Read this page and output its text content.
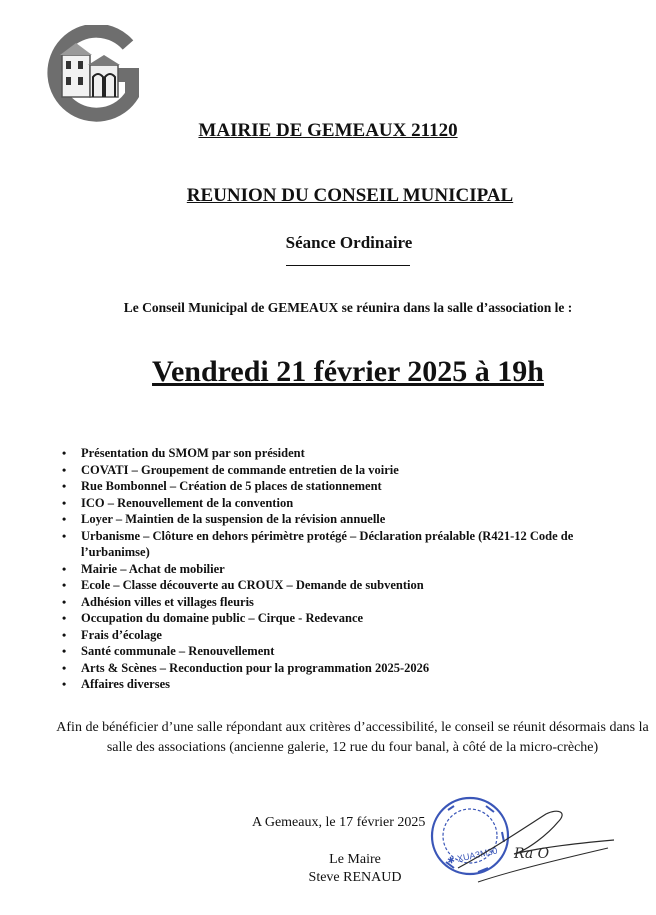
G
MAIRIE DE GEMEAUX 21120
REUNION DU CONSEIL MUNICIPAL
Séance Ordinaire
Le Conseil Municipal de GEMEAUX se réunira dans la salle d’association le :
Vendredi 21 février 2025 à 19h
• Présentation du SMOM par son président
• COVATI – Groupement de commande entretien de la voirie
• Rue Bombonnel – Création de 5 places de stationnement
• ICO – Renouvellement de la convention
• Loyer – Maintien de la suspension de la révision annuelle
• Urbanisme – Clôture en dehors périmètre protégé – Déclaration préalable (R421-12 Code de l’urbanimse)
• Mairie – Achat de mobilier
• Ecole – Classe découverte au CROUX – Demande de subvention
• Adhésion villes et villages fleuris
• Occupation du domaine public – Cirque - Redevance
• Frais d’écolage
• Santé communale – Renouvellement
• Arts & Scènes – Reconduction pour la programmation 2025-2026
• Affaires diverses
Afin de bénéficier d’une salle répondant aux critères d’accessibilité, le conseil se réunit désormais dans la salle des associations (ancienne galerie, 12 rue du four banal, à côté de la micro-crèche)
✱ XUA3M30 Ra O
A Gemeaux, le 17 février 2025
Le Maire
Steve RENAUD
